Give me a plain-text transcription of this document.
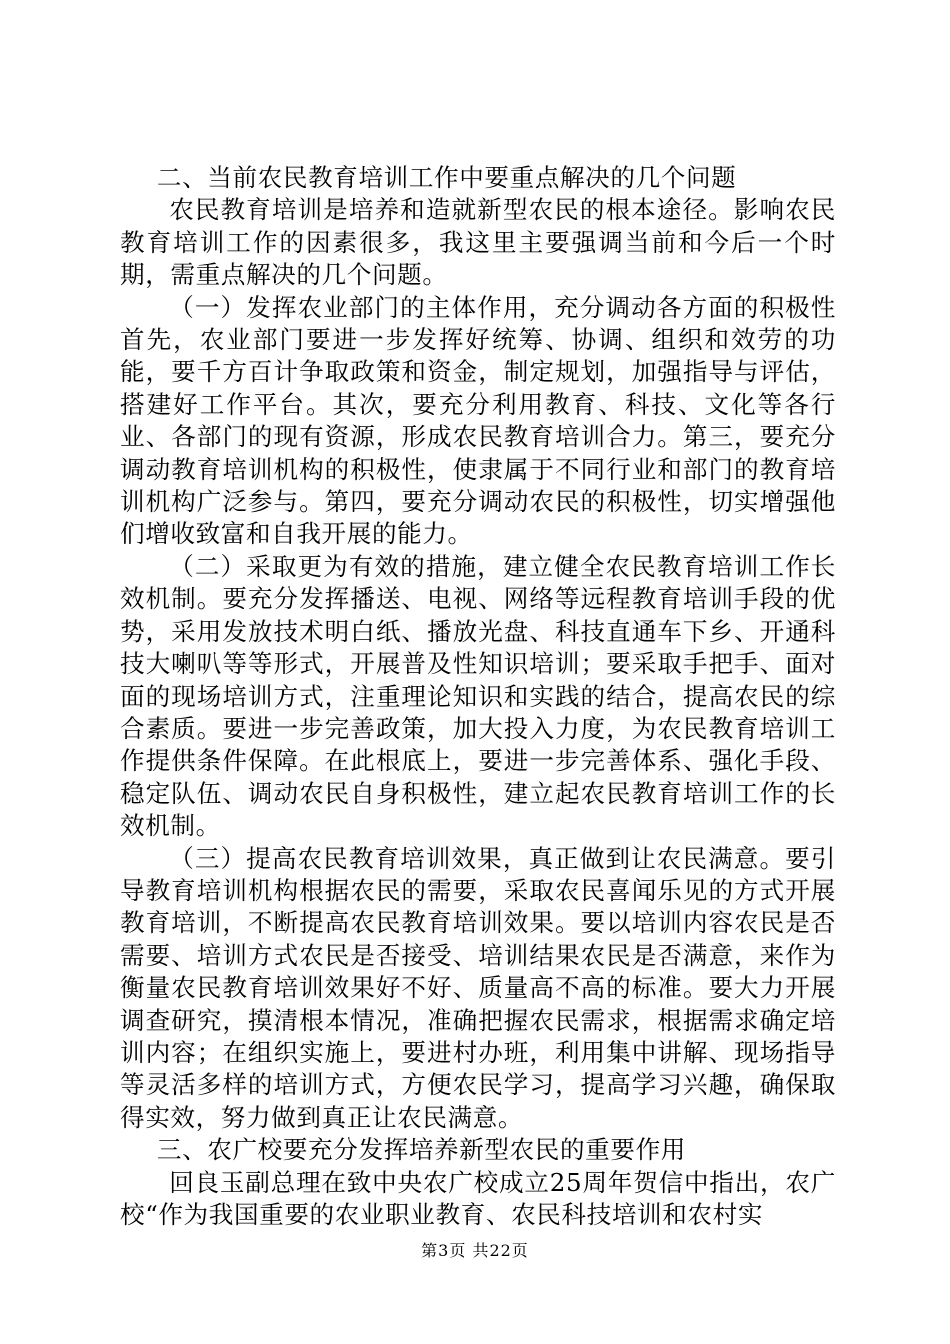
二、当前农民教育培训工作中要重点解决的几个问题

农民教育培训是培养和造就新型农民的根本途径。影响农民教育培训工作的因素很多，我这里主要强调当前和今后一个时期，需重点解决的几个问题。

（一）发挥农业部门的主体作用，充分调动各方面的积极性首先，农业部门要进一步发挥好统筹、协调、组织和效劳的功能，要千方百计争取政策和资金，制定规划，加强指导与评估，搭建好工作平台。其次，要充分利用教育、科技、文化等各行业、各部门的现有资源，形成农民教育培训合力。第三，要充分调动教育培训机构的积极性，使隶属于不同行业和部门的教育培训机构广泛参与。第四，要充分调动农民的积极性，切实增强他们增收致富和自我开展的能力。

（二）采取更为有效的措施，建立健全农民教育培训工作长效机制。要充分发挥播送、电视、网络等远程教育培训手段的优势，采用发放技术明白纸、播放光盘、科技直通车下乡、开通科技大喇叭等等形式，开展普及性知识培训；要采取手把手、面对面的现场培训方式，注重理论知识和实践的结合，提高农民的综合素质。要进一步完善政策，加大投入力度，为农民教育培训工作提供条件保障。在此根底上，要进一步完善体系、强化手段、稳定队伍、调动农民自身积极性，建立起农民教育培训工作的长效机制。

（三）提高农民教育培训效果，真正做到让农民满意。要引导教育培训机构根据农民的需要，采取农民喜闻乐见的方式开展教育培训，不断提高农民教育培训效果。要以培训内容农民是否需要、培训方式农民是否接受、培训结果农民是否满意，来作为衡量农民教育培训效果好不好、质量高不高的标准。要大力开展调查研究，摸清根本情况，准确把握农民需求，根据需求确定培训内容；在组织实施上，要进村办班，利用集中讲解、现场指导等灵活多样的培训方式，方便农民学习，提高学习兴趣，确保取得实效，努力做到真正让农民满意。

三、农广校要充分发挥培养新型农民的重要作用

回良玉副总理在致中央农广校成立25周年贺信中指出，农广校“作为我国重要的农业职业教育、农民科技培训和农村实

第3页 共22页
